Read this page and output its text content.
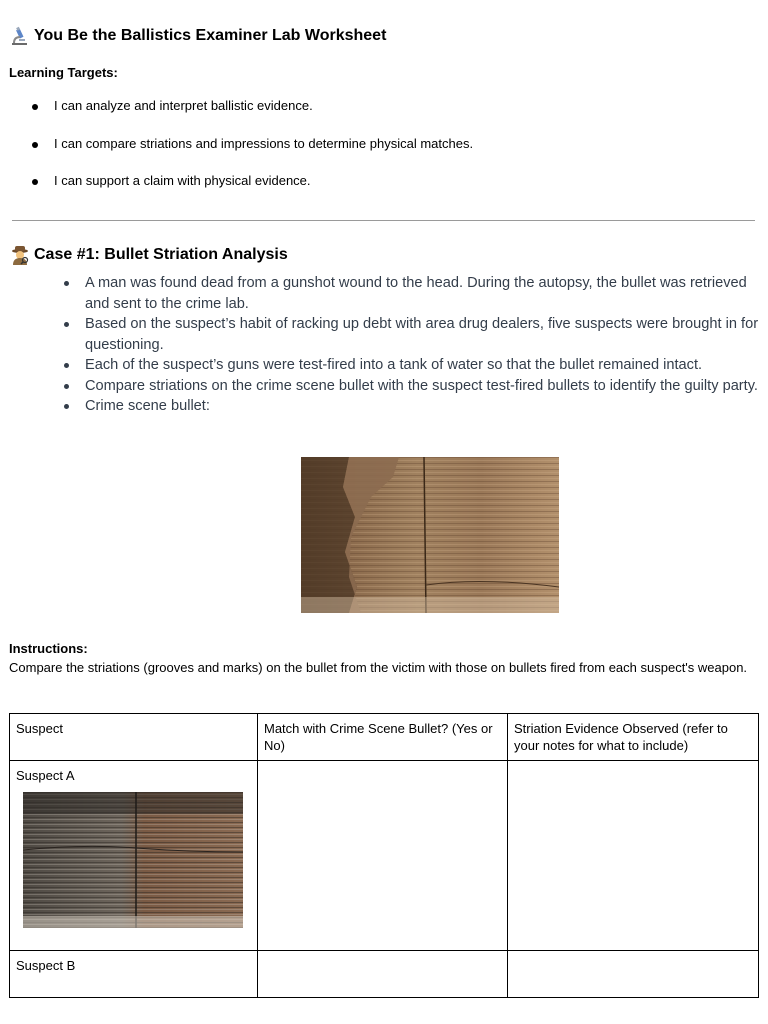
You Be the Ballistics Examiner Lab Worksheet
Learning Targets:
I can analyze and interpret ballistic evidence.
I can compare striations and impressions to determine physical matches.
I can support a claim with physical evidence.
Case #1: Bullet Striation Analysis
A man was found dead from a gunshot wound to the head. During the autopsy, the bullet was retrieved and sent to the crime lab.
Based on the suspect’s habit of racking up debt with area drug dealers, five suspects were brought in for questioning.
Each of the suspect’s guns were test-fired into a tank of water so that the bullet remained intact.
Compare striations on the crime scene bullet with the suspect test-fired bullets to identify the guilty party.
Crime scene bullet:
Instructions:
Compare the striations (grooves and marks) on the bullet from the victim with those on bullets fired from each suspect's weapon.
Suspect	Match with Crime Scene Bullet? (Yes or No)	Striation Evidence Observed (refer to your notes for what to include)

Suspect A		

Suspect B		
